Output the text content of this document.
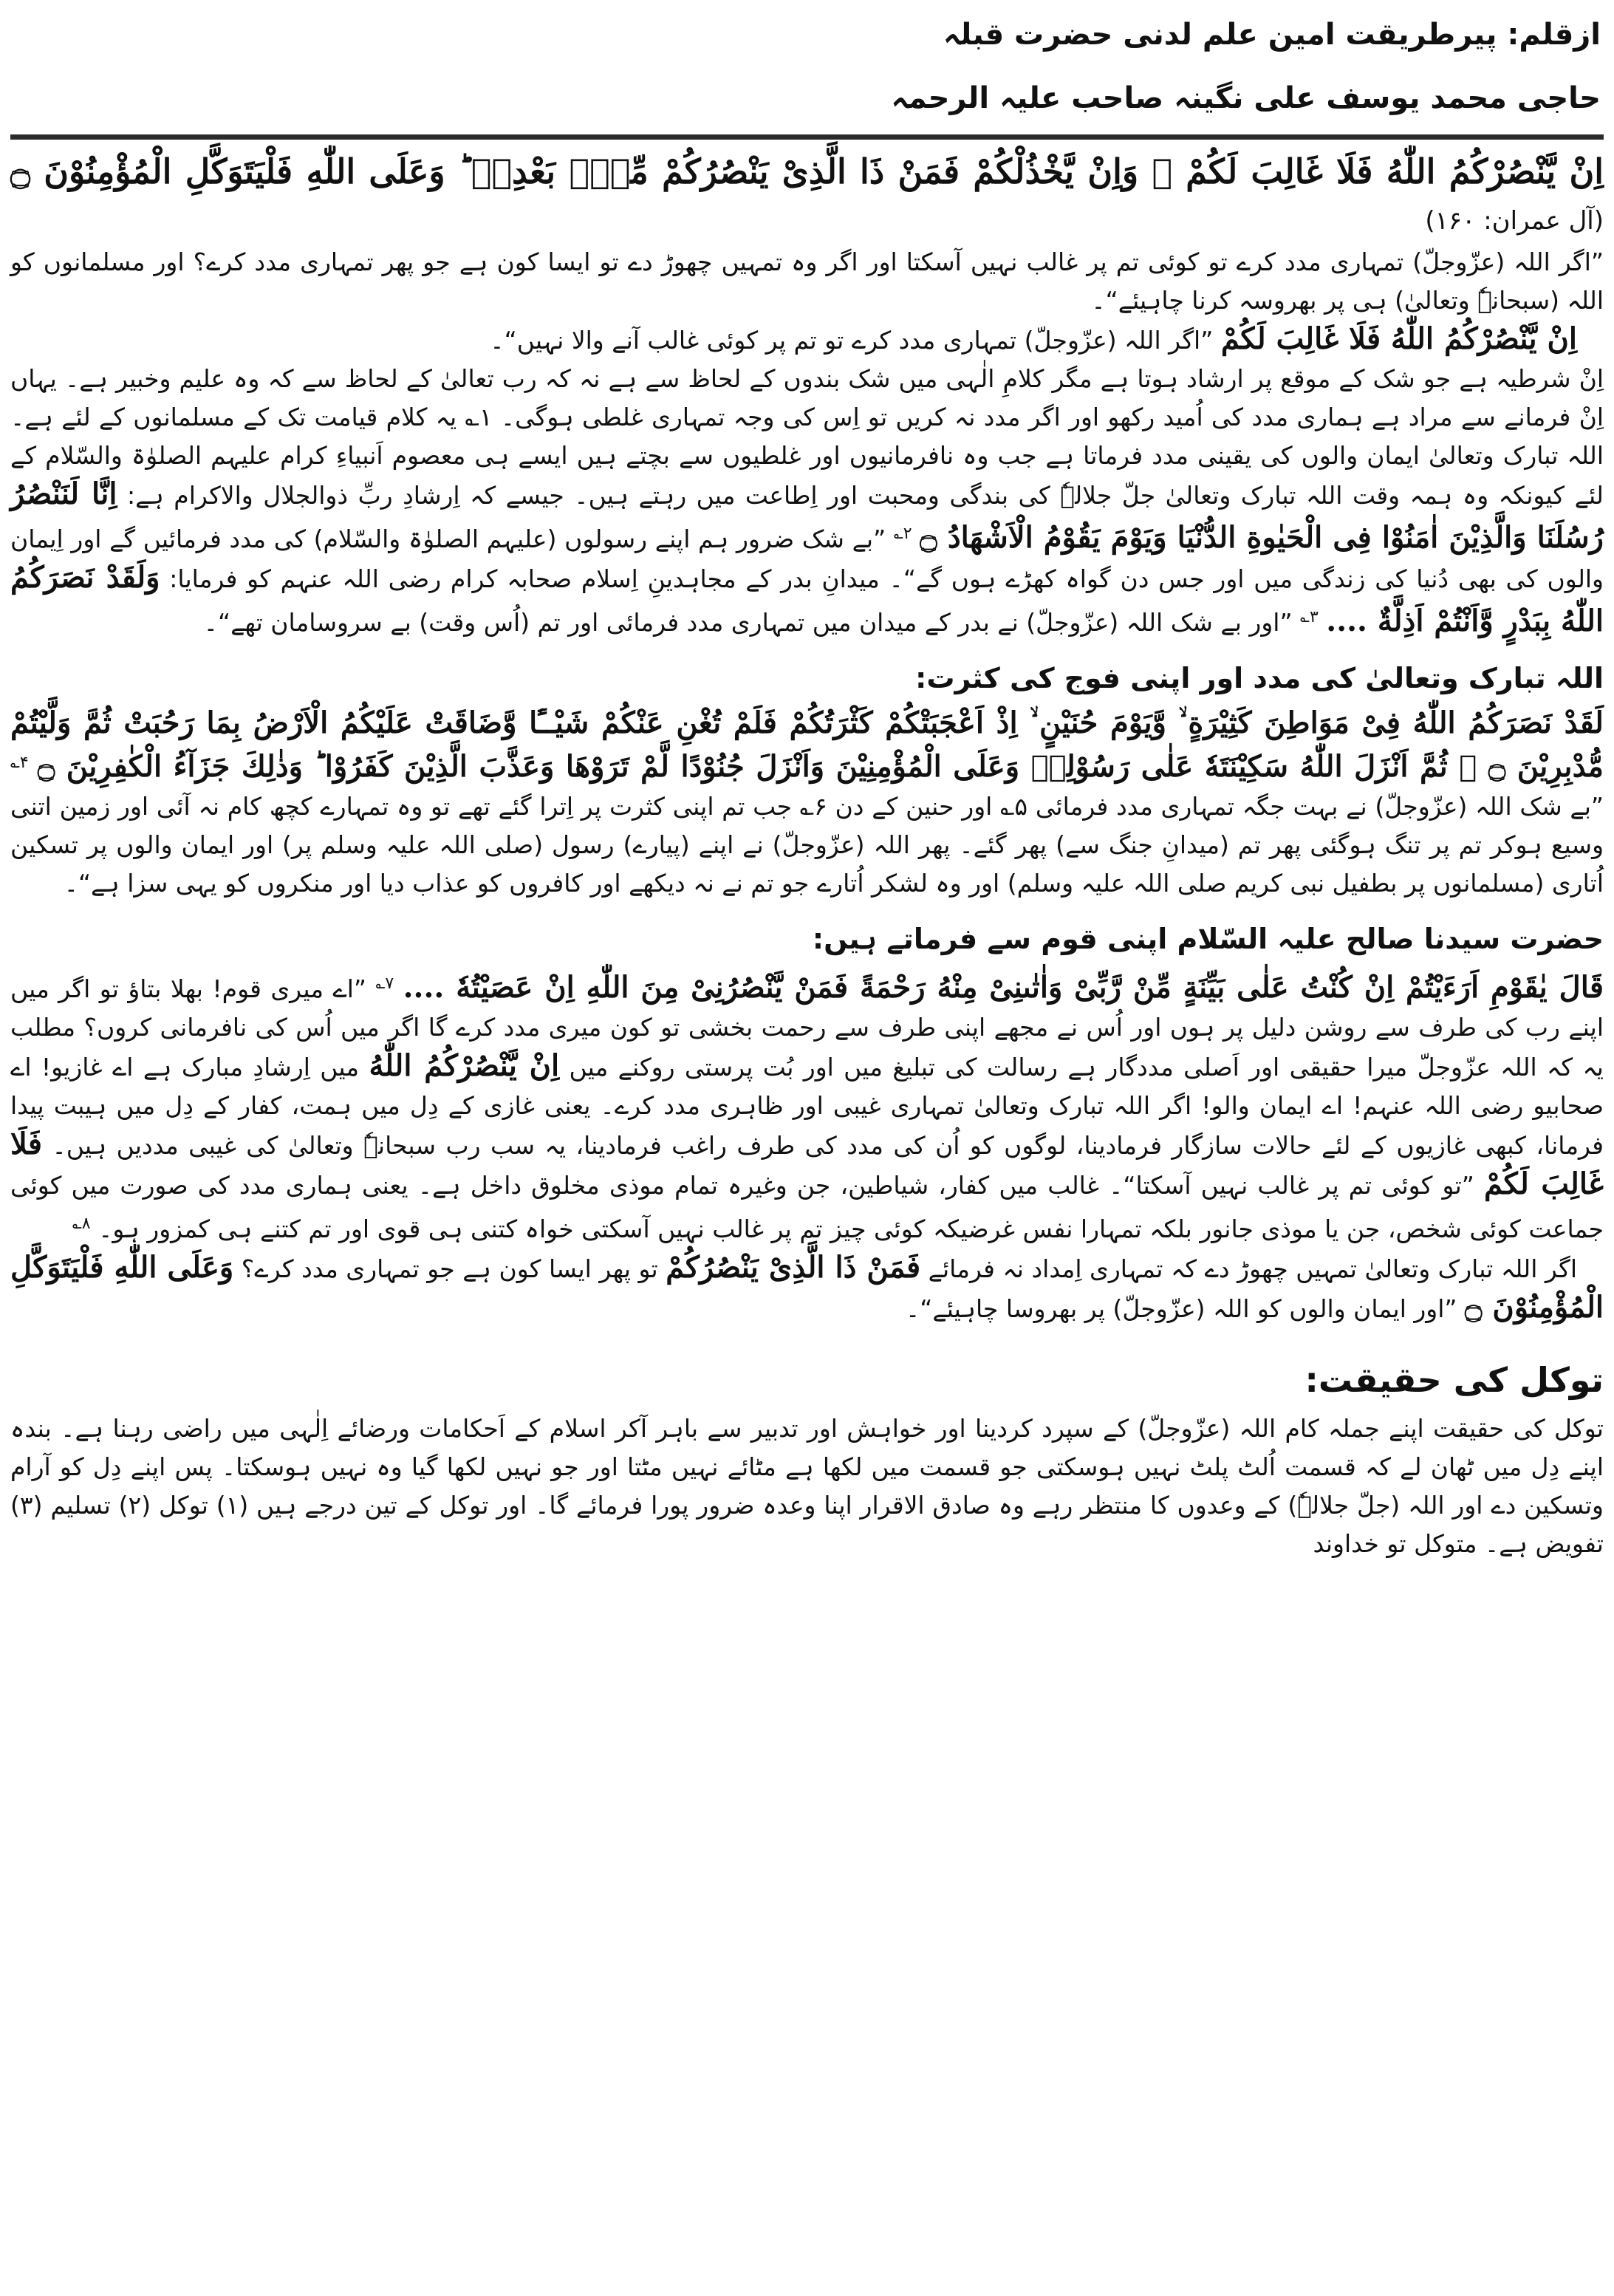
ازقلم: پیرطریقت امین علم لدنی حضرت قبلہ
حاجی محمد یوسف علی نگینہ صاحب علیہ الرحمہ
اِنْ يَّنْصُرْكُمُ اللّٰهُ فَلَا غَالِبَ لَكُمْ ۚ وَاِنْ يَّخْذُلْكُمْ فَمَنْ ذَا الَّذِىْ يَنْصُرُكُمْ مِّنْۢ بَعْدِهٖ ؕ وَعَلَى اللّٰهِ فَلْيَتَوَكَّلِ الْمُؤْمِنُوْنَ ۝
(آل عمران: ۱۶۰)

”اگر اللہ (عزّوجلّ) تمہاری مدد کرے تو کوئی تم پر غالب نہیں آسکتا اور اگر وہ تمہیں چھوڑ دے تو ایسا کون ہے جو پھر تمہاری مدد کرے؟ اور مسلمانوں کو اللہ (سبحانہٗ وتعالیٰ) ہی پر بھروسہ کرنا چاہیئے“۔

اِنْ يَّنْصُرْكُمُ اللّٰهُ فَلَا غَالِبَ لَكُمْ ”اگر اللہ (عزّوجلّ) تمہاری مدد کرے تو تم پر کوئی غالب آنے والا نہیں“۔

اِنْ شرطیہ ہے جو شک کے موقع پر ارشاد ہوتا ہے مگر کلامِ الٰہی میں شک بندوں کے لحاظ سے ہے نہ کہ رب تعالیٰ کے لحاظ سے کہ وہ علیم وخبیر ہے۔ یہاں اِنْ فرمانے سے مراد ہے ہماری مدد کی اُمید رکھو اور اگر مدد نہ کریں تو اِس کی وجہ تمہاری غلطی ہوگی۔ ۱؎ یہ کلام قیامت تک کے مسلمانوں کے لئے ہے۔ اللہ تبارک وتعالیٰ ایمان والوں کی یقینی مدد فرماتا ہے جب وہ نافرمانیوں اور غلطیوں سے بچتے ہیں ایسے ہی معصوم اَنبیاءِ کرام علیہم الصلوٰۃ والسّلام کے لئے کیونکہ وہ ہمہ وقت اللہ تبارک وتعالیٰ جلّ جلالہٗ کی بندگی ومحبت اور اِطاعت میں رہتے ہیں۔ جیسے کہ اِرشادِ ربِّ ذوالجلال والاکرام ہے: اِنَّا لَنَنْصُرُ رُسُلَنَا وَالَّذِيْنَ اٰمَنُوْا فِى الْحَيٰوةِ الدُّنْيَا وَيَوْمَ يَقُوْمُ الْاَشْهَادُ ۝ $^{۲؎}$ ”بے شک ضرور ہم اپنے رسولوں (علیہم الصلوٰۃ والسّلام) کی مدد فرمائیں گے اور اِیمان والوں کی بھی دُنیا کی زندگی میں اور جس دن گواہ کھڑے ہوں گے“۔ میدانِ بدر کے مجاہدینِ اِسلام صحابہ کرام رضی اللہ عنہم کو فرمایا: وَلَقَدْ نَصَرَكُمُ اللّٰهُ بِبَدْرٍ وَّاَنْتُمْ اَذِلَّةٌ .... $^{۳؎}$ ”اور بے شک اللہ (عزّوجلّ) نے بدر کے میدان میں تمہاری مدد فرمائی اور تم (اُس وقت) بے سروسامان تھے“۔

اللہ تبارک وتعالیٰ کی مدد اور اپنی فوج کی کثرت:

لَقَدْ نَصَرَكُمُ اللّٰهُ فِىْ مَوَاطِنَ كَثِيْرَةٍ ۙ وَّيَوْمَ حُنَيْنٍ ۙ اِذْ اَعْجَبَتْكُمْ كَثْرَتُكُمْ فَلَمْ تُغْنِ عَنْكُمْ شَيْــًٔا وَّضَاقَتْ عَلَيْكُمُ الْاَرْضُ بِمَا رَحُبَتْ ثُمَّ وَلَّيْتُمْ مُّدْبِرِيْنَ ۝ ۚ ثُمَّ اَنْزَلَ اللّٰهُ سَكِيْنَتَهٗ عَلٰى رَسُوْلِهٖ وَعَلَى الْمُؤْمِنِيْنَ وَاَنْزَلَ جُنُوْدًا لَّمْ تَرَوْهَا وَعَذَّبَ الَّذِيْنَ كَفَرُوْا ؕ وَذٰلِكَ جَزَآءُ الْكٰفِرِيْنَ ۝ $^{۴؎}$ ”بے شک اللہ (عزّوجلّ) نے بہت جگہ تمہاری مدد فرمائی ۵؎ اور حنین کے دن ۶؎ جب تم اپنی کثرت پر اِترا گئے تھے تو وہ تمہارے کچھ کام نہ آئی اور زمین اتنی وسیع ہوکر تم پر تنگ ہوگئی پھر تم (میدانِ جنگ سے) پھر گئے۔ پھر اللہ (عزّوجلّ) نے اپنے (پیارے) رسول (صلی اللہ علیہ وسلم پر) اور ایمان والوں پر تسکین اُتاری (مسلمانوں پر بطفیل نبی کریم صلی اللہ علیہ وسلم) اور وہ لشکر اُتارے جو تم نے نہ دیکھے اور کافروں کو عذاب دیا اور منکروں کو یہی سزا ہے“۔

حضرت سیدنا صالح علیہ السّلام اپنی قوم سے فرماتے ہیں:

قَالَ يٰقَوْمِ اَرَءَيْتُمْ اِنْ كُنْتُ عَلٰى بَيِّنَةٍ مِّنْ رَّبِّىْ وَاٰتٰىنِىْ مِنْهُ رَحْمَةً فَمَنْ يَّنْصُرُنِىْ مِنَ اللّٰهِ اِنْ عَصَيْتُهٗ .... $^{۷؎}$ ”اے میری قوم! بھلا بتاؤ تو اگر میں اپنے رب کی طرف سے روشن دلیل پر ہوں اور اُس نے مجھے اپنی طرف سے رحمت بخشی تو کون میری مدد کرے گا اگر میں اُس کی نافرمانی کروں؟ مطلب یہ کہ اللہ عزّوجلّ میرا حقیقی اور اَصلی مددگار ہے رسالت کی تبلیغ میں اور بُت پرستی روکنے میں اِنْ يَّنْصُرْكُمُ اللّٰهُ میں اِرشادِ مبارک ہے اے غازیو! اے صحابیو رضی اللہ عنہم! اے ایمان والو! اگر اللہ تبارک وتعالیٰ تمہاری غیبی اور ظاہری مدد کرے۔ یعنی غازی کے دِل میں ہمت، کفار کے دِل میں ہیبت پیدا فرمانا، کبھی غازیوں کے لئے حالات سازگار فرمادینا، لوگوں کو اُن کی مدد کی طرف راغب فرمادینا، یہ سب رب سبحانہٗ وتعالیٰ کی غیبی مددیں ہیں۔ فَلَا غَالِبَ لَكُمْ ”تو کوئی تم پر غالب نہیں آسکتا“۔ غالب میں کفار، شیاطین، جن وغیرہ تمام موذی مخلوق داخل ہے۔ یعنی ہماری مدد کی صورت میں کوئی جماعت کوئی شخص، جن یا موذی جانور بلکہ تمہارا نفس غرضیکہ کوئی چیز تم پر غالب نہیں آسکتی خواہ کتنی ہی قوی اور تم کتنے ہی کمزور ہو۔ $^{۸؎}$

اگر اللہ تبارک وتعالیٰ تمہیں چھوڑ دے کہ تمہاری اِمداد نہ فرمائے فَمَنْ ذَا الَّذِىْ يَنْصُرُكُمْ تو پھر ایسا کون ہے جو تمہاری مدد کرے؟ وَعَلَى اللّٰهِ فَلْيَتَوَكَّلِ الْمُؤْمِنُوْنَ ۝ ”اور ایمان والوں کو اللہ (عزّوجلّ) پر بھروسا چاہیئے“۔

توکل کی حقیقت:

توکل کی حقیقت اپنے جملہ کام اللہ (عزّوجلّ) کے سپرد کردینا اور خواہش اور تدبیر سے باہر آکر اسلام کے اَحکامات ورضائے اِلٰہی میں راضی رہنا ہے۔ بندہ اپنے دِل میں ٹھان لے کہ قسمت اُلٹ پلٹ نہیں ہوسکتی جو قسمت میں لکھا ہے مٹائے نہیں مٹتا اور جو نہیں لکھا گیا وہ نہیں ہوسکتا۔ پس اپنے دِل کو آرام وتسکین دے اور اللہ (جلّ جلالہٗ) کے وعدوں کا منتظر رہے وہ صادق الاقرار اپنا وعدہ ضرور پورا فرمائے گا۔ اور توکل کے تین درجے ہیں (۱) توکل (۲) تسلیم (۳) تفویض ہے۔ متوکل تو خداوند
